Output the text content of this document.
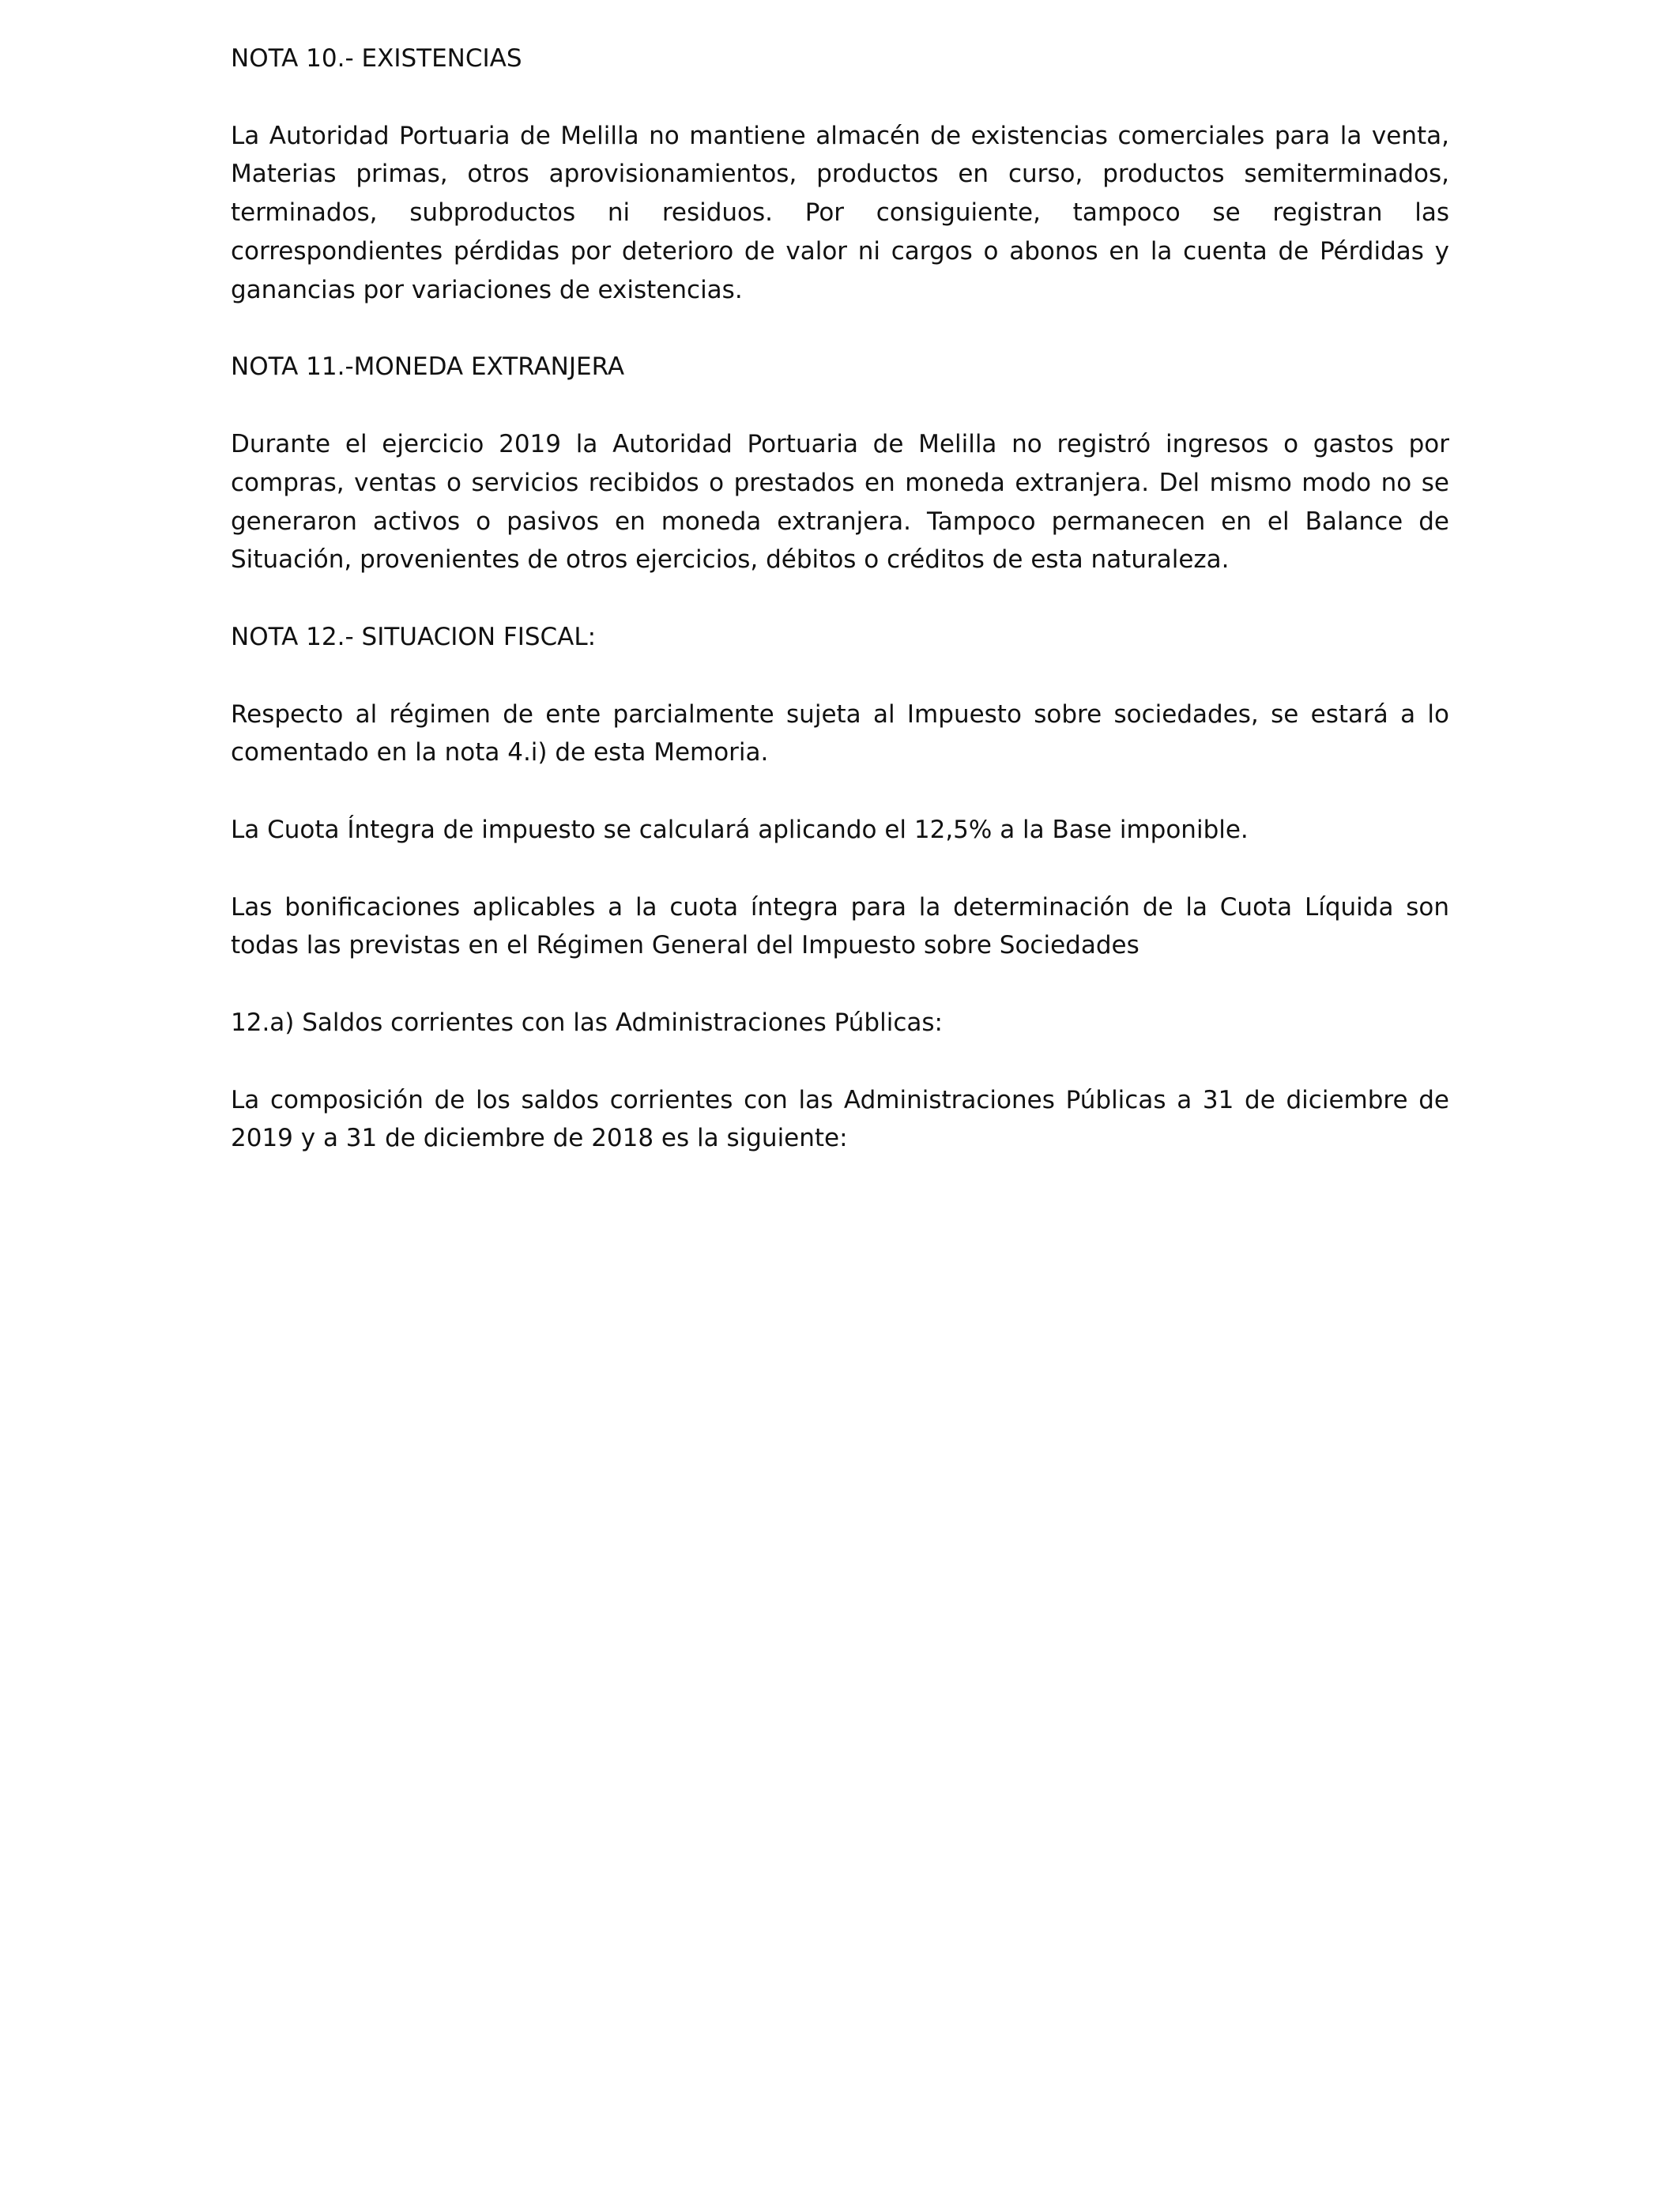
NOTA 10.- EXISTENCIAS

La Autoridad Portuaria de Melilla no mantiene almacén de existencias comerciales para la venta, Materias primas, otros aprovisionamientos, productos en curso, productos semiterminados, terminados, subproductos ni residuos. Por consiguiente, tampoco se registran las correspondientes pérdidas por deterioro de valor ni cargos o abonos en la cuenta de Pérdidas y ganancias por variaciones de existencias.

NOTA 11.-MONEDA EXTRANJERA

Durante el ejercicio 2019 la Autoridad Portuaria de Melilla no registró ingresos o gastos por compras, ventas o servicios recibidos o prestados en moneda extranjera. Del mismo modo no se generaron activos o pasivos en moneda extranjera. Tampoco permanecen en el Balance de Situación, provenientes de otros ejercicios, débitos o créditos de esta naturaleza.

NOTA 12.- SITUACION FISCAL:

Respecto al régimen de ente parcialmente sujeta al Impuesto sobre sociedades, se estará a lo comentado en la nota 4.i) de esta Memoria.

La Cuota Íntegra de impuesto se calculará aplicando el 12,5% a la Base imponible.

Las bonificaciones aplicables a la cuota íntegra para la determinación de la Cuota Líquida son todas las previstas en el Régimen General del Impuesto sobre Sociedades

12.a) Saldos corrientes con las Administraciones Públicas:

La composición de los saldos corrientes con las Administraciones Públicas a 31 de diciembre de 2019 y a 31 de diciembre de 2018 es la siguiente:
